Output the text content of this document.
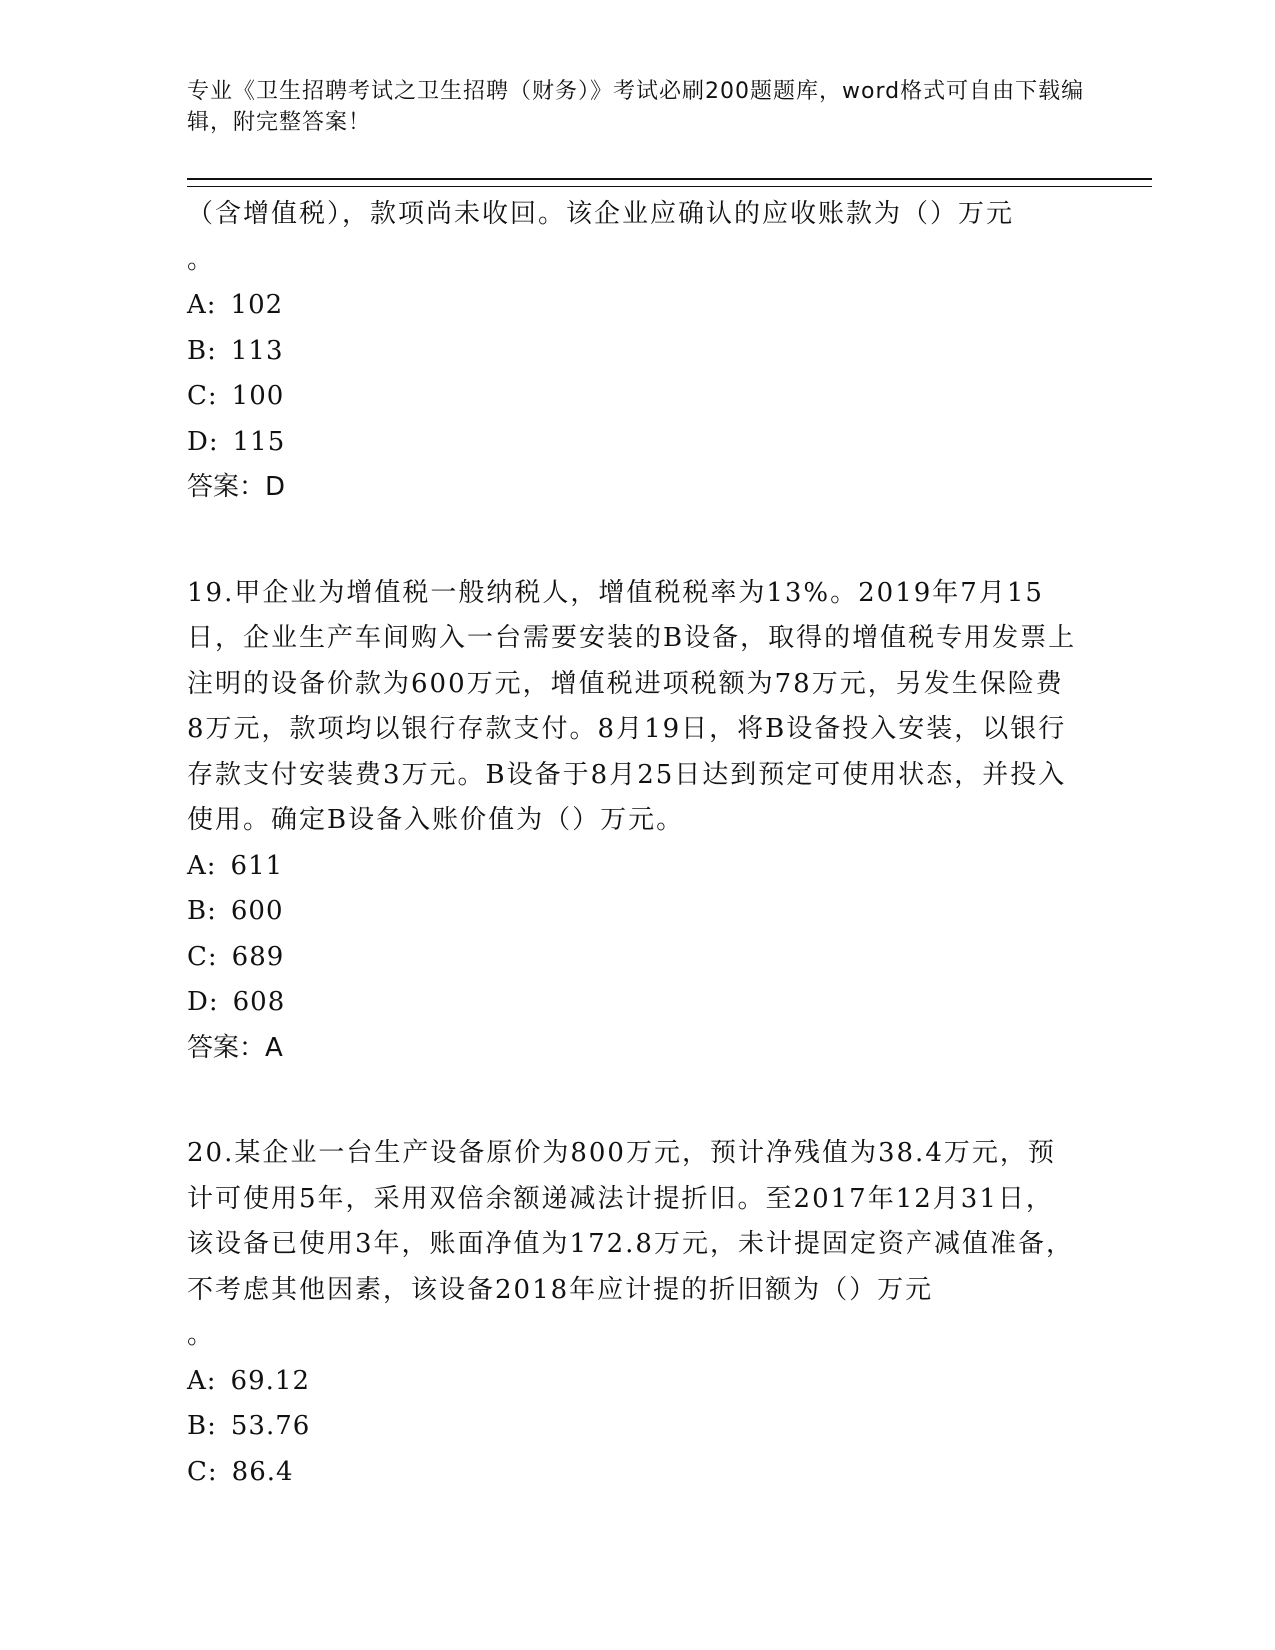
专业《卫生招聘考试之卫生招聘（财务）》考试必刷200题题库，word格式可自由下载编辑，附完整答案！

（含增值税），款项尚未收回。该企业应确认的应收账款为（）万元

。

A: 102

B: 113

C: 100

D: 115

答案：D

19.甲企业为增值税一般纳税人，增值税税率为13%。2019年7月15日，企业生产车间购入一台需要安装的B设备，取得的增值税专用发票上注明的设备价款为600万元，增值税进项税额为78万元，另发生保险费8万元，款项均以银行存款支付。8月19日，将B设备投入安装，以银行存款支付安装费3万元。B设备于8月25日达到预定可使用状态，并投入使用。确定B设备入账价值为（）万元。

A: 611

B: 600

C: 689

D: 608

答案：A

20.某企业一台生产设备原价为800万元，预计净残值为38.4万元，预计可使用5年，采用双倍余额递减法计提折旧。至2017年12月31日，该设备已使用3年，账面净值为172.8万元，未计提固定资产减值准备，不考虑其他因素，该设备2018年应计提的折旧额为（）万元

。

A: 69.12

B: 53.76

C: 86.4
